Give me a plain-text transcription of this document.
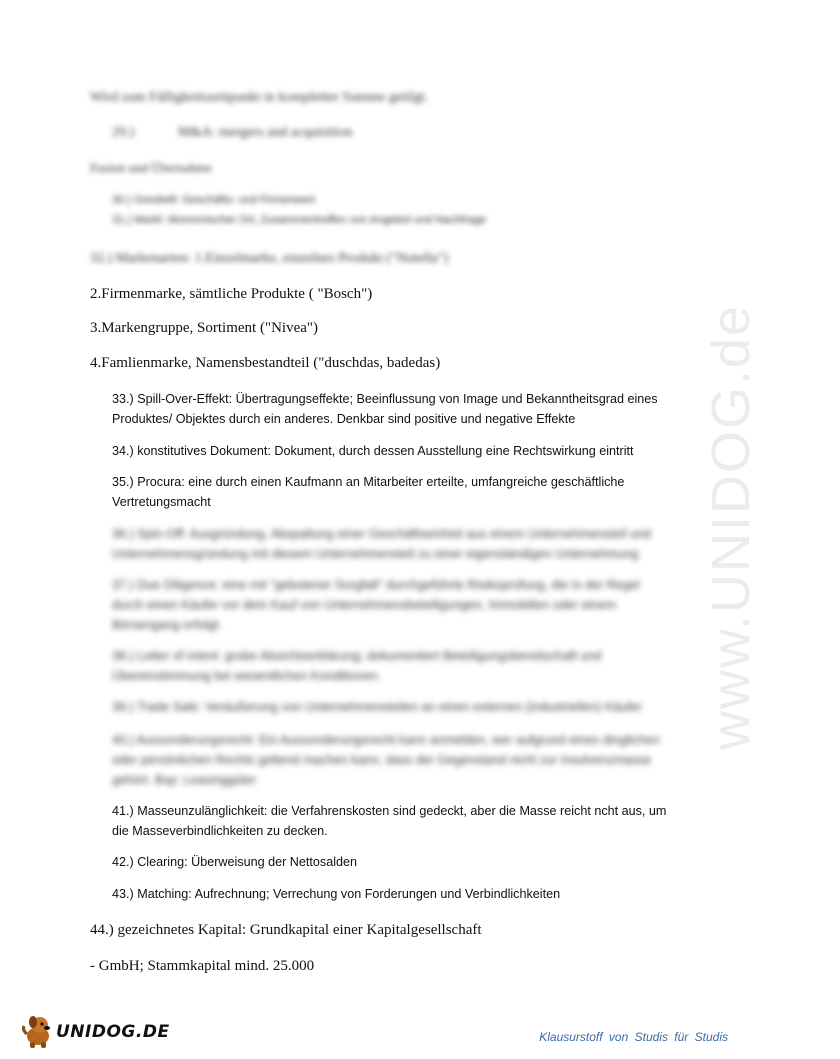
www.UNIDOG.de
Wird zum Fälligkeitszeitpunkt in kompletter Summe getilgt.
29.)	M&A: mergers and acquisition
Fusion und Übernahme
30.) Goodwill: Geschäfts- und Firmenwert
31.) Markt: ökonomischer Ort, Zusammentreffen von Angebot und Nachfrage
32.) Markenarten: 1.Einzelmarke, einzelnes Produkt ("Nutella")
2.Firmenmarke, sämtliche Produkte ( "Bosch")
3.Markengruppe, Sortiment ("Nivea")
4.Famlienmarke, Namensbestandteil ("duschdas, badedas)
33.) Spill-Over-Effekt: Übertragungseffekte; Beeinflussung von Image und Bekanntheitsgrad eines Produktes/ Objektes durch ein anderes. Denkbar sind positive und negative Effekte
34.) konstitutives Dokument: Dokument, durch dessen Ausstellung eine Rechtswirkung eintritt
35.) Procura: eine durch einen Kaufmann an Mitarbeiter erteilte, umfangreiche geschäftliche Vertretungsmacht
36.) Spin-Off: Ausgründung, Abspaltung einer Geschäftseinheit aus einem Unternehmensteil und Unternehmensgründung mit diesem Unternehmensteil zu einer eigenständigen Unternehmung
37.) Due Diligence: eine mit "gebotener Sorgfalt" durchgeführte Risikoprüfung, die in der Regel durch einen Käufer vor dem Kauf von Unternehmensbeteiligungen, Immobilien oder einem Börsengang erfolgt.
38.) Letter of intent: grobe Absichtserklärung; dokumentiert Beteiligungsbereitschaft und Übereinstimmung bei wesentlichen Konditionen.
39.) Trade Sale: Veräußerung von Unternehmensteilen an einen externen (industriellen) Käufer
40.) Aussonderungsrecht: Ein Aussonderungsrecht kann anmelden, wer aufgrund eines dinglichen oder persönlichen Rechts geltend machen kann, dass der Gegenstand nicht zur Insolvenzmasse gehört. Bsp: Leasinggüter
41.) Masseunzulänglichkeit: die Verfahrenskosten sind gedeckt, aber die Masse reicht ncht aus, um die Masseverbindlichkeiten zu decken.
42.) Clearing: Überweisung der Nettosalden
43.) Matching: Aufrechnung; Verrechung von Forderungen und Verbindlichkeiten
44.) gezeichnetes Kapital: Grundkapital einer Kapitalgesellschaft
- GmbH; Stammkapital mind. 25.000
UNIDOG.DE	Klausurstoff von Studis für Studis
